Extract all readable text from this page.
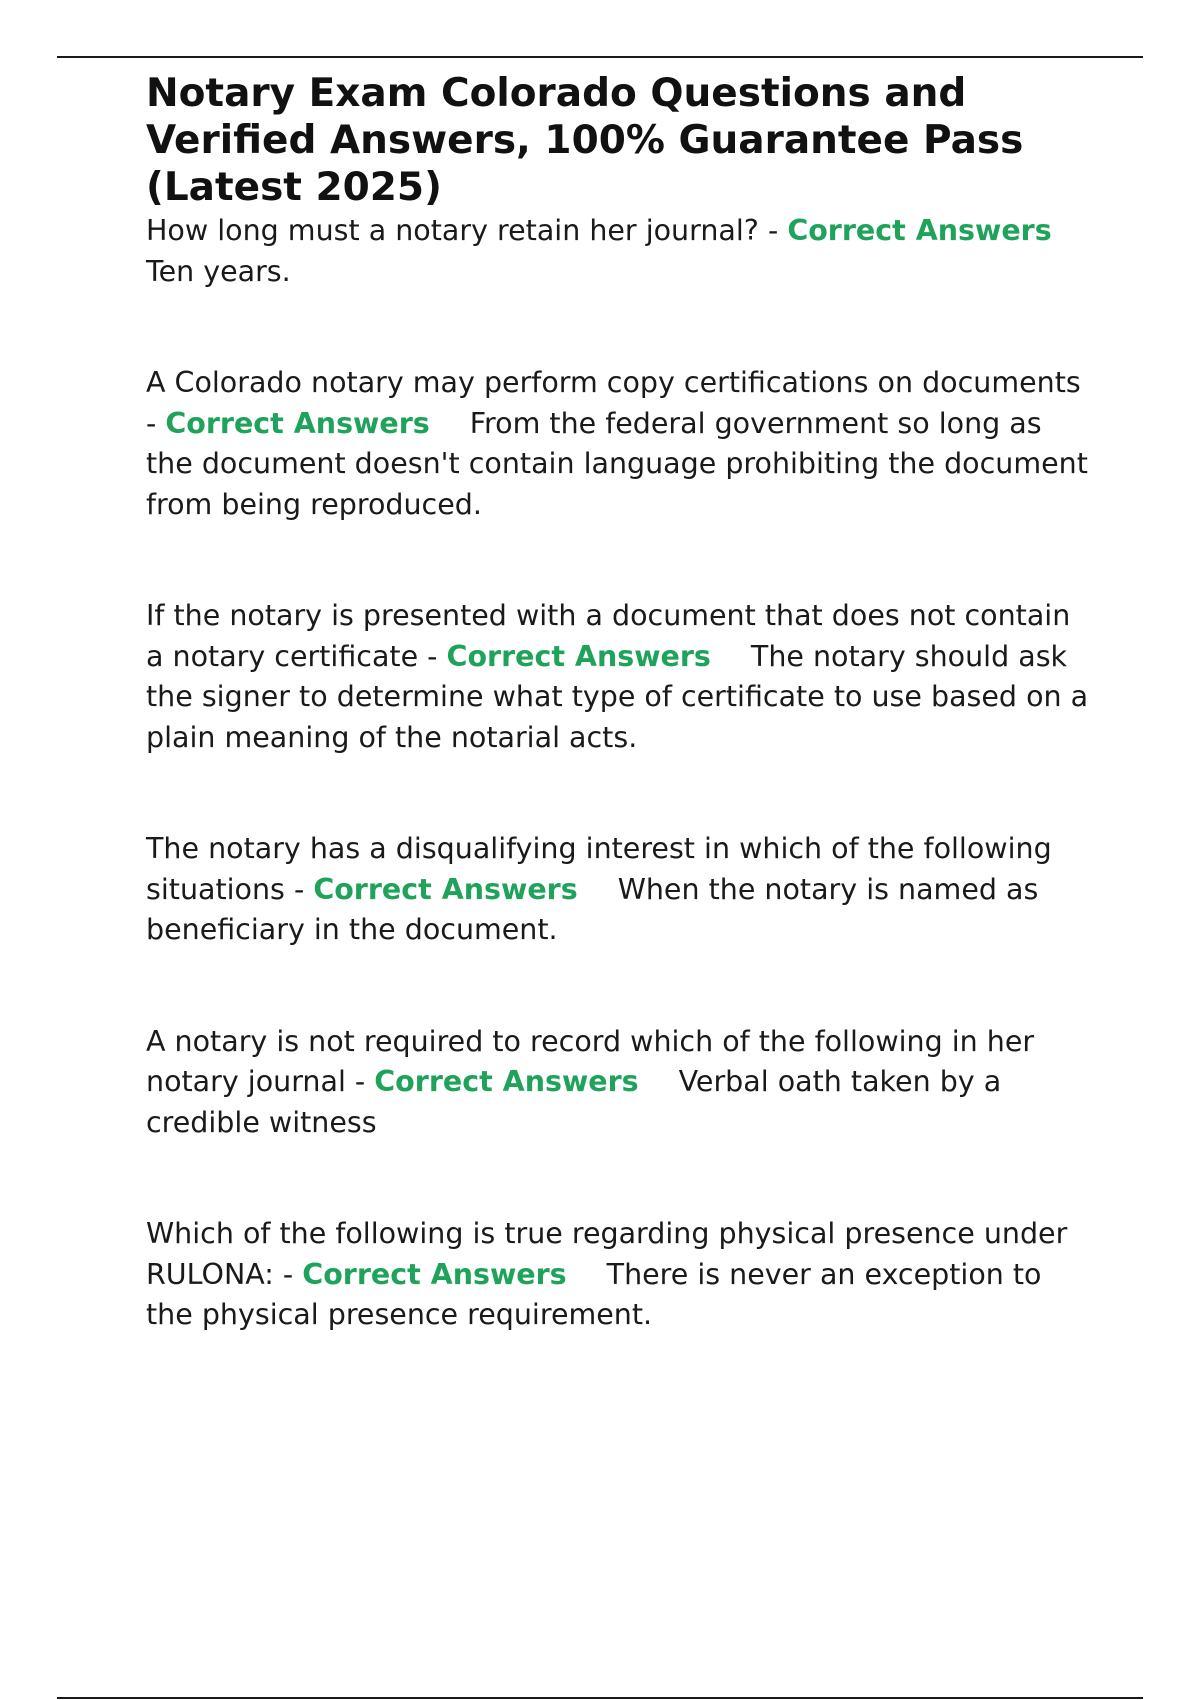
Notary Exam Colorado Questions and Verified Answers, 100% Guarantee Pass (Latest 2025)

How long must a notary retain her journal? - Correct AnswersTen years.

A Colorado notary may perform copy certifications on documents - Correct Answers From the federal government so long as the document doesn't contain language prohibiting the document from being reproduced.

If the notary is presented with a document that does not contain a notary certificate - Correct Answers The notary should ask the signer to determine what type of certificate to use based on a plain meaning of the notarial acts.

The notary has a disqualifying interest in which of the following situations - Correct Answers When the notary is named as beneficiary in the document.

A notary is not required to record which of the following in her notary journal - Correct Answers Verbal oath taken by a credible witness

Which of the following is true regarding physical presence under RULONA: - Correct Answers There is never an exception to the physical presence requirement.
